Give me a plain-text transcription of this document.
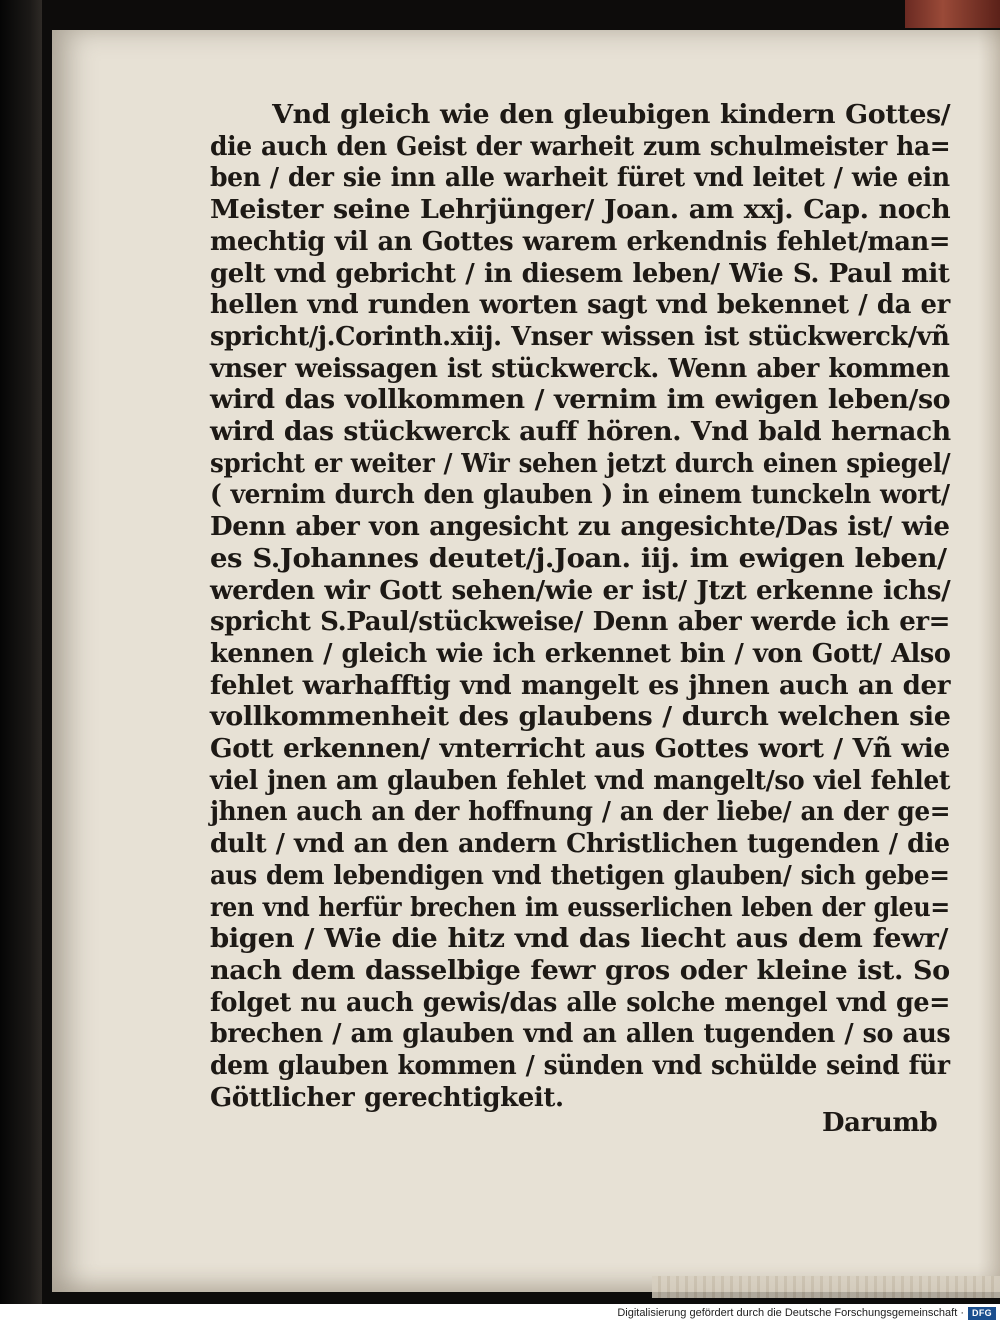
Vnd gleich wie den gleubigen kindern Gottes/
die auch den Geist der warheit zum schulmeister ha=
ben / der sie inn alle warheit füret vnd leitet / wie ein
Meister seine Lehrjünger/ Joan. am xxj. Cap. noch
mechtig vil an Gottes warem erkendnis fehlet/man=
gelt vnd gebricht / in diesem leben/ Wie S. Paul mit
hellen vnd runden worten sagt vnd bekennet / da er
spricht/j.Corinth.xiij. Vnser wissen ist stückwerck/vñ
vnser weissagen ist stückwerck. Wenn aber kommen
wird das vollkommen / vernim im ewigen leben/so
wird das stückwerck auff hören. Vnd bald hernach
spricht er weiter / Wir sehen jetzt durch einen spiegel/
( vernim durch den glauben ) in einem tunckeln wort/
Denn aber von angesicht zu angesichte/Das ist/ wie
es S.Johannes deutet/j.Joan. iij. im ewigen leben/
werden wir Gott sehen/wie er ist/ Jtzt erkenne ichs/
spricht S.Paul/stückweise/ Denn aber werde ich er=
kennen / gleich wie ich erkennet bin / von Gott/ Also
fehlet warhafftig vnd mangelt es jhnen auch an der
vollkommenheit des glaubens / durch welchen sie
Gott erkennen/ vnterricht aus Gottes wort / Vñ wie
viel jnen am glauben fehlet vnd mangelt/so viel fehlet
jhnen auch an der hoffnung / an der liebe/ an der ge=
dult / vnd an den andern Christlichen tugenden / die
aus dem lebendigen vnd thetigen glauben/ sich gebe=
ren vnd herfür brechen im eusserlichen leben der gleu=
bigen / Wie die hitz vnd das liecht aus dem fewr/
nach dem dasselbige fewr gros oder kleine ist. So
folget nu auch gewis/das alle solche mengel vnd ge=
brechen / am glauben vnd an allen tugenden / so aus
dem glauben kommen / sünden vnd schülde seind für
Göttlicher gerechtigkeit.
Darumb
Digitalisierung gefördert durch die Deutsche Forschungsgemeinschaft · DFG
